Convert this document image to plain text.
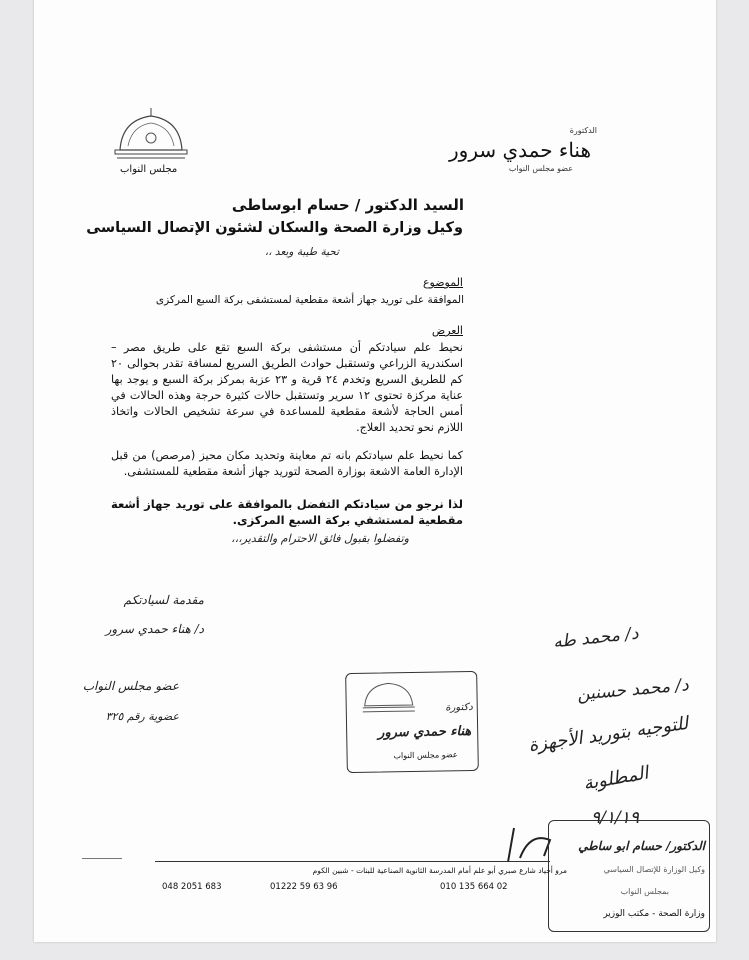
الدكتورة
هناء حمدي سرور
عضو مجلس النواب
مجلس النواب
السيد الدكتور / حسام ابوساطى
وكيل وزارة الصحة والسكان لشئون الإتصال السياسى
تحية طيبة وبعد ،،
الموضوع
الموافقة على توريد جهاز أشعة مقطعية لمستشفى بركة السبع المركزى
العرض
نحيط علم سيادتكم أن مستشفى بركة السبع تقع على طريق مصر – اسكندرية الزراعي وتستقبل حوادث الطريق السريع لمسافة تقدر بحوالى ٢٠ كم للطريق السريع وتخدم ٢٤ قرية و ٢٣ عزبة بمركز بركة السبع و يوجد بها عناية مركزة تحتوى ١٢ سرير وتستقبل حالات كثيرة حرجة وهذه الحالات في أمس الحاجة لأشعة مقطعية للمساعدة في سرعة تشخيص الحالات واتخاذ اللازم نحو تحديد العلاج.
كما نحيط علم سيادتكم بانه تم معاينة وتحديد مكان محيز (مرصص) من قبل الإدارة العامة الاشعة بوزارة الصحة لتوريد جهاز أشعة مقطعية للمستشفى.
لذا نرجو من سيادتكم التفضل بالموافقة على توريد جهاز أشعة مقطعية لمستشفي بركة السبع المركزى.
وتفضلوا بقبول فائق الاحترام والتقدير،،،
مقدمة لسيادتكم
د/ هناء حمدي سرور
عضو مجلس النواب
عضوية رقم ٣٢٥
دكتورة
هناء حمدي سرور
عضو مجلس النواب
د/ محمد طه
د/ محمد حسنين
للتوجيه بتوريد الأجهزة
المطلوبة
٩/١/١٩
الدكتور/ حسام ابو ساطي
وكيل الوزارة للإتصال السياسي
بمجلس النواب
وزارة الصحة - مكتب الوزير
مرو أجياد شارع صبري أبو علم أمام المدرسة الثانوية الصناعية للبنات - شبين الكوم
048 2051 683	01222 59 63 96	010 135 664 02
